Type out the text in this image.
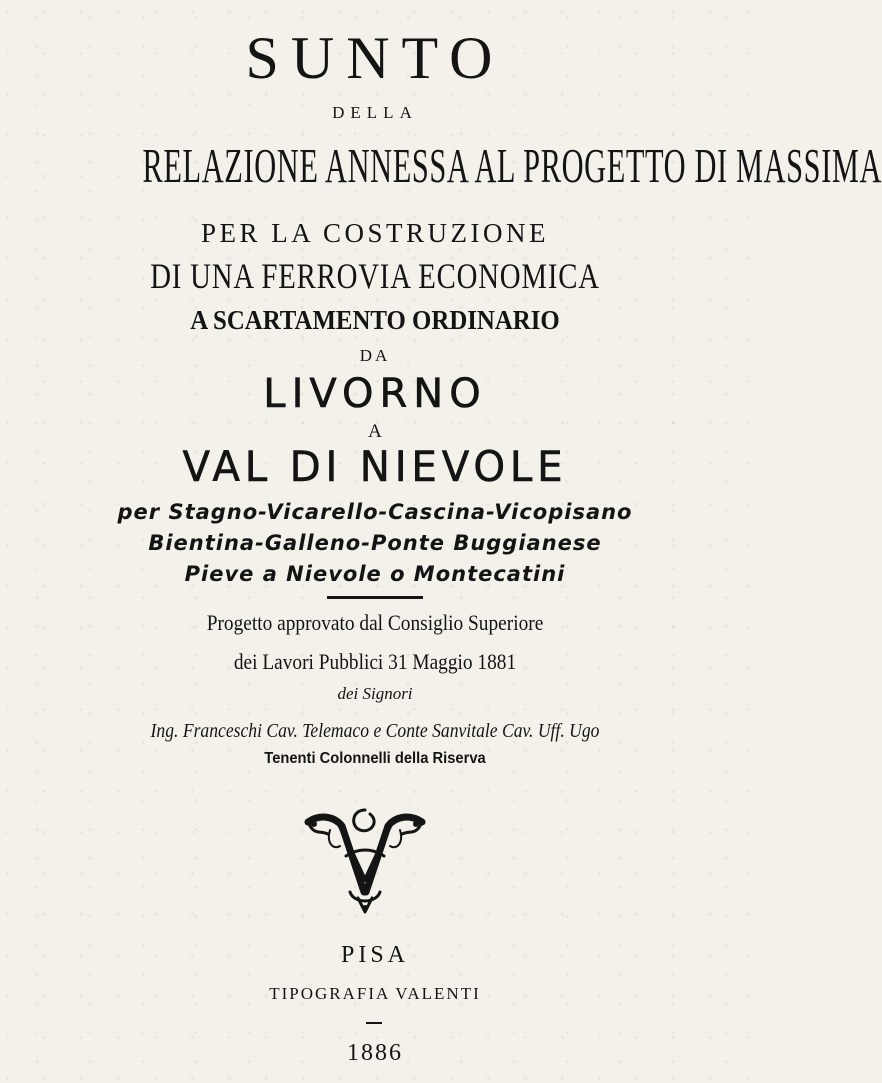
SUNTO
DELLA
RELAZIONE ANNESSA AL PROGETTO DI MASSIMA
PER LA COSTRUZIONE
DI UNA FERROVIA ECONOMICA
A SCARTAMENTO ORDINARIO
DA
LIVORNO
A
VAL DI NIEVOLE
per Stagno-Vicarello-Cascina-Vicopisano
Bientina-Galleno-Ponte Buggianese
Pieve a Nievole o Montecatini
Progetto approvato dal Consiglio Superiore
dei Lavori Pubblici 31 Maggio 1881
dei Signori
Ing. Franceschi Cav. Telemaco e Conte Sanvitale Cav. Uff. Ugo
Tenenti Colonnelli della Riserva
PISA
TIPOGRAFIA VALENTI
1886
